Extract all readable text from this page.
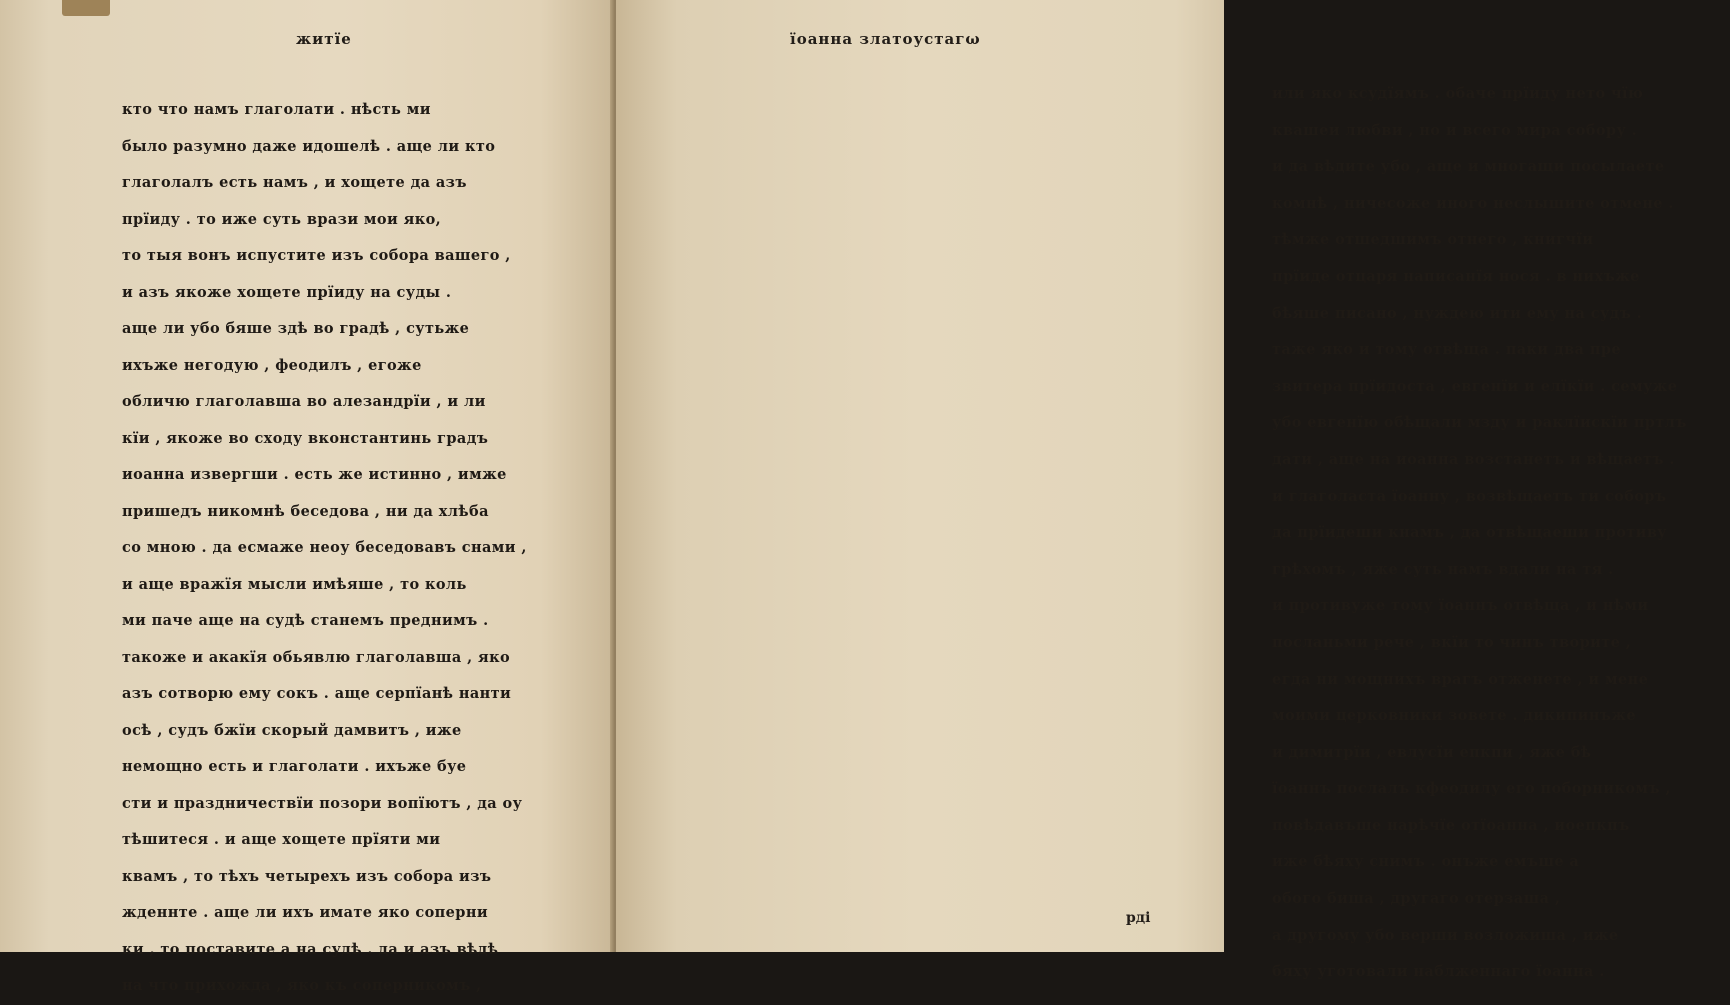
житїе
кто что намъ глаголати . нѣсть ми
было разумно даже идошелѣ . аще ли кто
глаголалъ есть намъ , и хощете да азъ
прїиду . то иже суть врази мои яко,
то тыя вонъ испустите изъ собора вашего ,
и азъ якоже хощете прїиду на суды .
аще ли убо бяше здѣ во градѣ , сутьже
ихъже негодую , феодилъ , егоже
обличю глаголавша во алезандрїи , и ли
кїи , якоже во сходу вконстантинь градъ
иоанна извергши . есть же истинно , имже
пришедъ никомнѣ беседова , ни да хлѣба
со мною . да есмаже неоу беседовавъ снами ,
и аще вражїя мысли имѣяше , то коль
ми паче аще на судѣ станемъ преднимъ .
такоже и акакїя обьявлю глаголавша , яко
азъ сотворю ему сокъ . аще серпїанѣ нанти
осѣ , судъ бжїи скорый дамвитъ , иже
немощно есть и глаголати . ихъже буе
сти и праздничествїи позори вопїютъ , да оу
тѣшитеся . и аще хощете прїяти ми
квамъ , то тѣхъ четырехъ изъ собора изъ
жденнте . аще ли ихъ имате яко соперни
ки , то поставите а на судѣ . да и азъ вѣдѣ
на что прихожда , яко къ соперникомъ ,
или яко ксудїямъ . обаче прїиду нето чїю
квашеи любви , но и всего мира собору .
и да вѣдите убо , аще и многащи посылаете
комнѣ , ничесоже иного неслышите отмене .
тѣмже отшедшимъ отнего , книгчїи
прїиде отцаря написанїя нося . в нихъже
бѣяше писано , нуждею ити ему на судъ .
таже яко и тому отвѣща . паки два пре
звитера прїидоста , евгенїи и елїкїи . семуже
убо евгенїю обѣщали мзду и раклїискїи пртлъ
дати , аще на иоанна возстанетъ и вѣщаетъ .
и глаголаста їоанну , возвѣщаетъ ти соборъ
да прїидеши кнамъ , да отвѣщаеши противу
грѣхомъ , яже суть намъ вдали на тя .
и противуже тому їоаннъ отвѣща , и нѣми
посланьми рече , вкїи то чинъ творите ,
егда ни мощнихъ врагъ отженете , и мене
моими церковники зовете . дикипинъже
и димитрїи , евлусїи епкпи , яже бѣ
їоаннъ послалъ кфеодилу его поборникомъ ,
повѣдавъше нарѣчїе отїоанна , иоепкпъ
иже бѣяху снимъ . онъже емъше а
обого биша , другаго отерзаша ,
а другому убо верши возложиша , иже
бяху уготовали наблженнаго їоанна .
їоанна златоустагω
рді
